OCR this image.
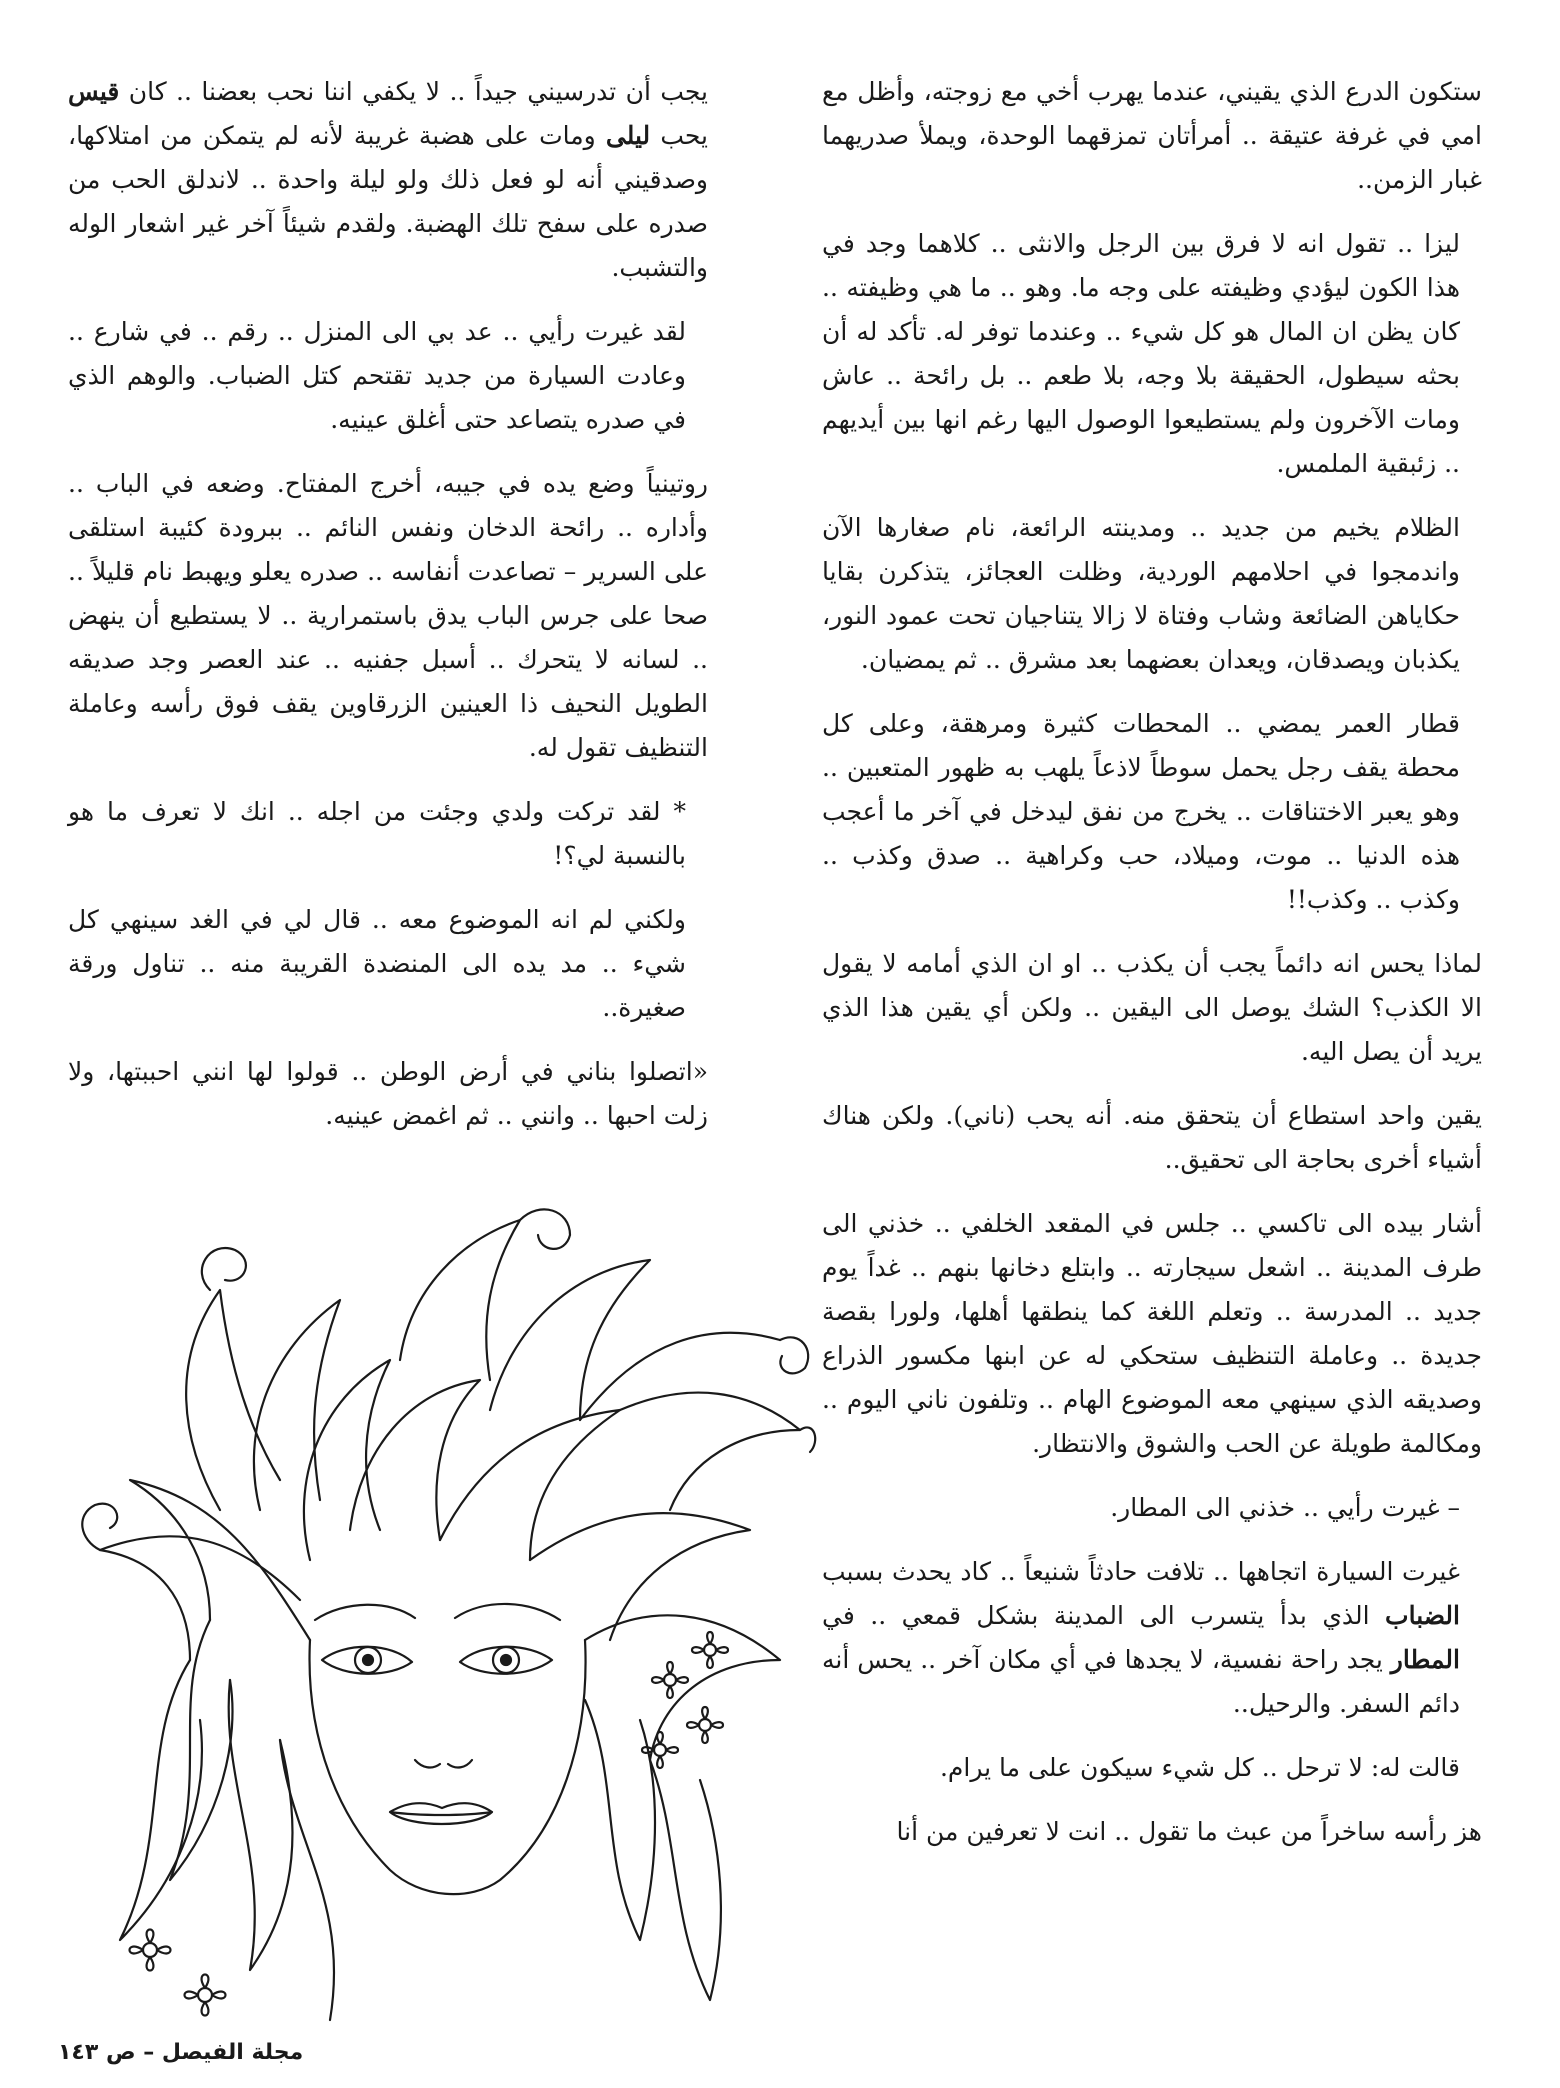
ستكون الدرع الذي يقيني، عندما يهرب أخي مع زوجته، وأظل مع امي في غرفة عتيقة .. أمرأتان تمزقهما الوحدة، ويملأ صدريهما غبار الزمن..

ليزا .. تقول انه لا فرق بين الرجل والانثى .. كلاهما وجد في هذا الكون ليؤدي وظيفته على وجه ما. وهو .. ما هي وظيفته .. كان يظن ان المال هو كل شيء .. وعندما توفر له. تأكد له أن بحثه سيطول، الحقيقة بلا وجه، بلا طعم .. بل رائحة .. عاش ومات الآخرون ولم يستطيعوا الوصول اليها رغم انها بين أيديهم .. زئبقية الملمس.

الظلام يخيم من جديد .. ومدينته الرائعة، نام صغارها الآن واندمجوا في احلامهم الوردية، وظلت العجائز، يتذكرن بقايا حكاياهن الضائعة وشاب وفتاة لا زالا يتناجيان تحت عمود النور، يكذبان ويصدقان، ويعدان بعضهما بعد مشرق .. ثم يمضيان.

قطار العمر يمضي .. المحطات كثيرة ومرهقة، وعلى كل محطة يقف رجل يحمل سوطاً لاذعاً يلهب به ظهور المتعبين .. وهو يعبر الاختناقات .. يخرج من نفق ليدخل في آخر ما أعجب هذه الدنيا .. موت، وميلاد، حب وكراهية .. صدق وكذب .. وكذب .. وكذب!!

لماذا يحس انه دائماً يجب أن يكذب .. او ان الذي أمامه لا يقول الا الكذب؟ الشك يوصل الى اليقين .. ولكن أي يقين هذا الذي يريد أن يصل اليه.

يقين واحد استطاع أن يتحقق منه. أنه يحب (ناني). ولكن هناك أشياء أخرى بحاجة الى تحقيق..

أشار بيده الى تاكسي .. جلس في المقعد الخلفي .. خذني الى طرف المدينة .. اشعل سيجارته .. وابتلع دخانها بنهم .. غداً يوم جديد .. المدرسة .. وتعلم اللغة كما ينطقها أهلها، ولورا بقصة جديدة .. وعاملة التنظيف ستحكي له عن ابنها مكسور الذراع وصديقه الذي سينهي معه الموضوع الهام .. وتلفون ناني اليوم .. ومكالمة طويلة عن الحب والشوق والانتظار.

– غيرت رأيي .. خذني الى المطار.

غيرت السيارة اتجاهها .. تلافت حادثاً شنيعاً .. كاد يحدث بسبب الضباب الذي بدأ يتسرب الى المدينة بشكل قمعي .. في المطار يجد راحة نفسية، لا يجدها في أي مكان آخر .. يحس أنه دائم السفر. والرحيل..

قالت له: لا ترحل .. كل شيء سيكون على ما يرام.

هز رأسه ساخراً من عبث ما تقول .. انت لا تعرفين من أنا

يجب أن تدرسيني جيداً .. لا يكفي اننا نحب بعضنا .. كان قيس يحب ليلى ومات على هضبة غريبة لأنه لم يتمكن من امتلاكها، وصدقيني أنه لو فعل ذلك ولو ليلة واحدة .. لاندلق الحب من صدره على سفح تلك الهضبة. ولقدم شيئاً آخر غير اشعار الوله والتشبب.

لقد غيرت رأيي .. عد بي الى المنزل .. رقم .. في شارع .. وعادت السيارة من جديد تقتحم كتل الضباب. والوهم الذي في صدره يتصاعد حتى أغلق عينيه.

روتينياً وضع يده في جيبه، أخرج المفتاح. وضعه في الباب .. وأداره .. رائحة الدخان ونفس النائم .. ببرودة كئيبة استلقى على السرير – تصاعدت أنفاسه .. صدره يعلو ويهبط نام قليلاً .. صحا على جرس الباب يدق باستمرارية .. لا يستطيع أن ينهض .. لسانه لا يتحرك .. أسبل جفنيه .. عند العصر وجد صديقه الطويل النحيف ذا العينين الزرقاوين يقف فوق رأسه وعاملة التنظيف تقول له.

* لقد تركت ولدي وجئت من اجله .. انك لا تعرف ما هو بالنسبة لي؟!

ولكني لم انه الموضوع معه .. قال لي في الغد سينهي كل شيء .. مد يده الى المنضدة القريبة منه .. تناول ورقة صغيرة..

«اتصلوا بناني في أرض الوطن .. قولوا لها انني احببتها، ولا زلت احبها .. وانني .. ثم اغمض عينيه.

مجلة الفيصل – ص ١٤٣
